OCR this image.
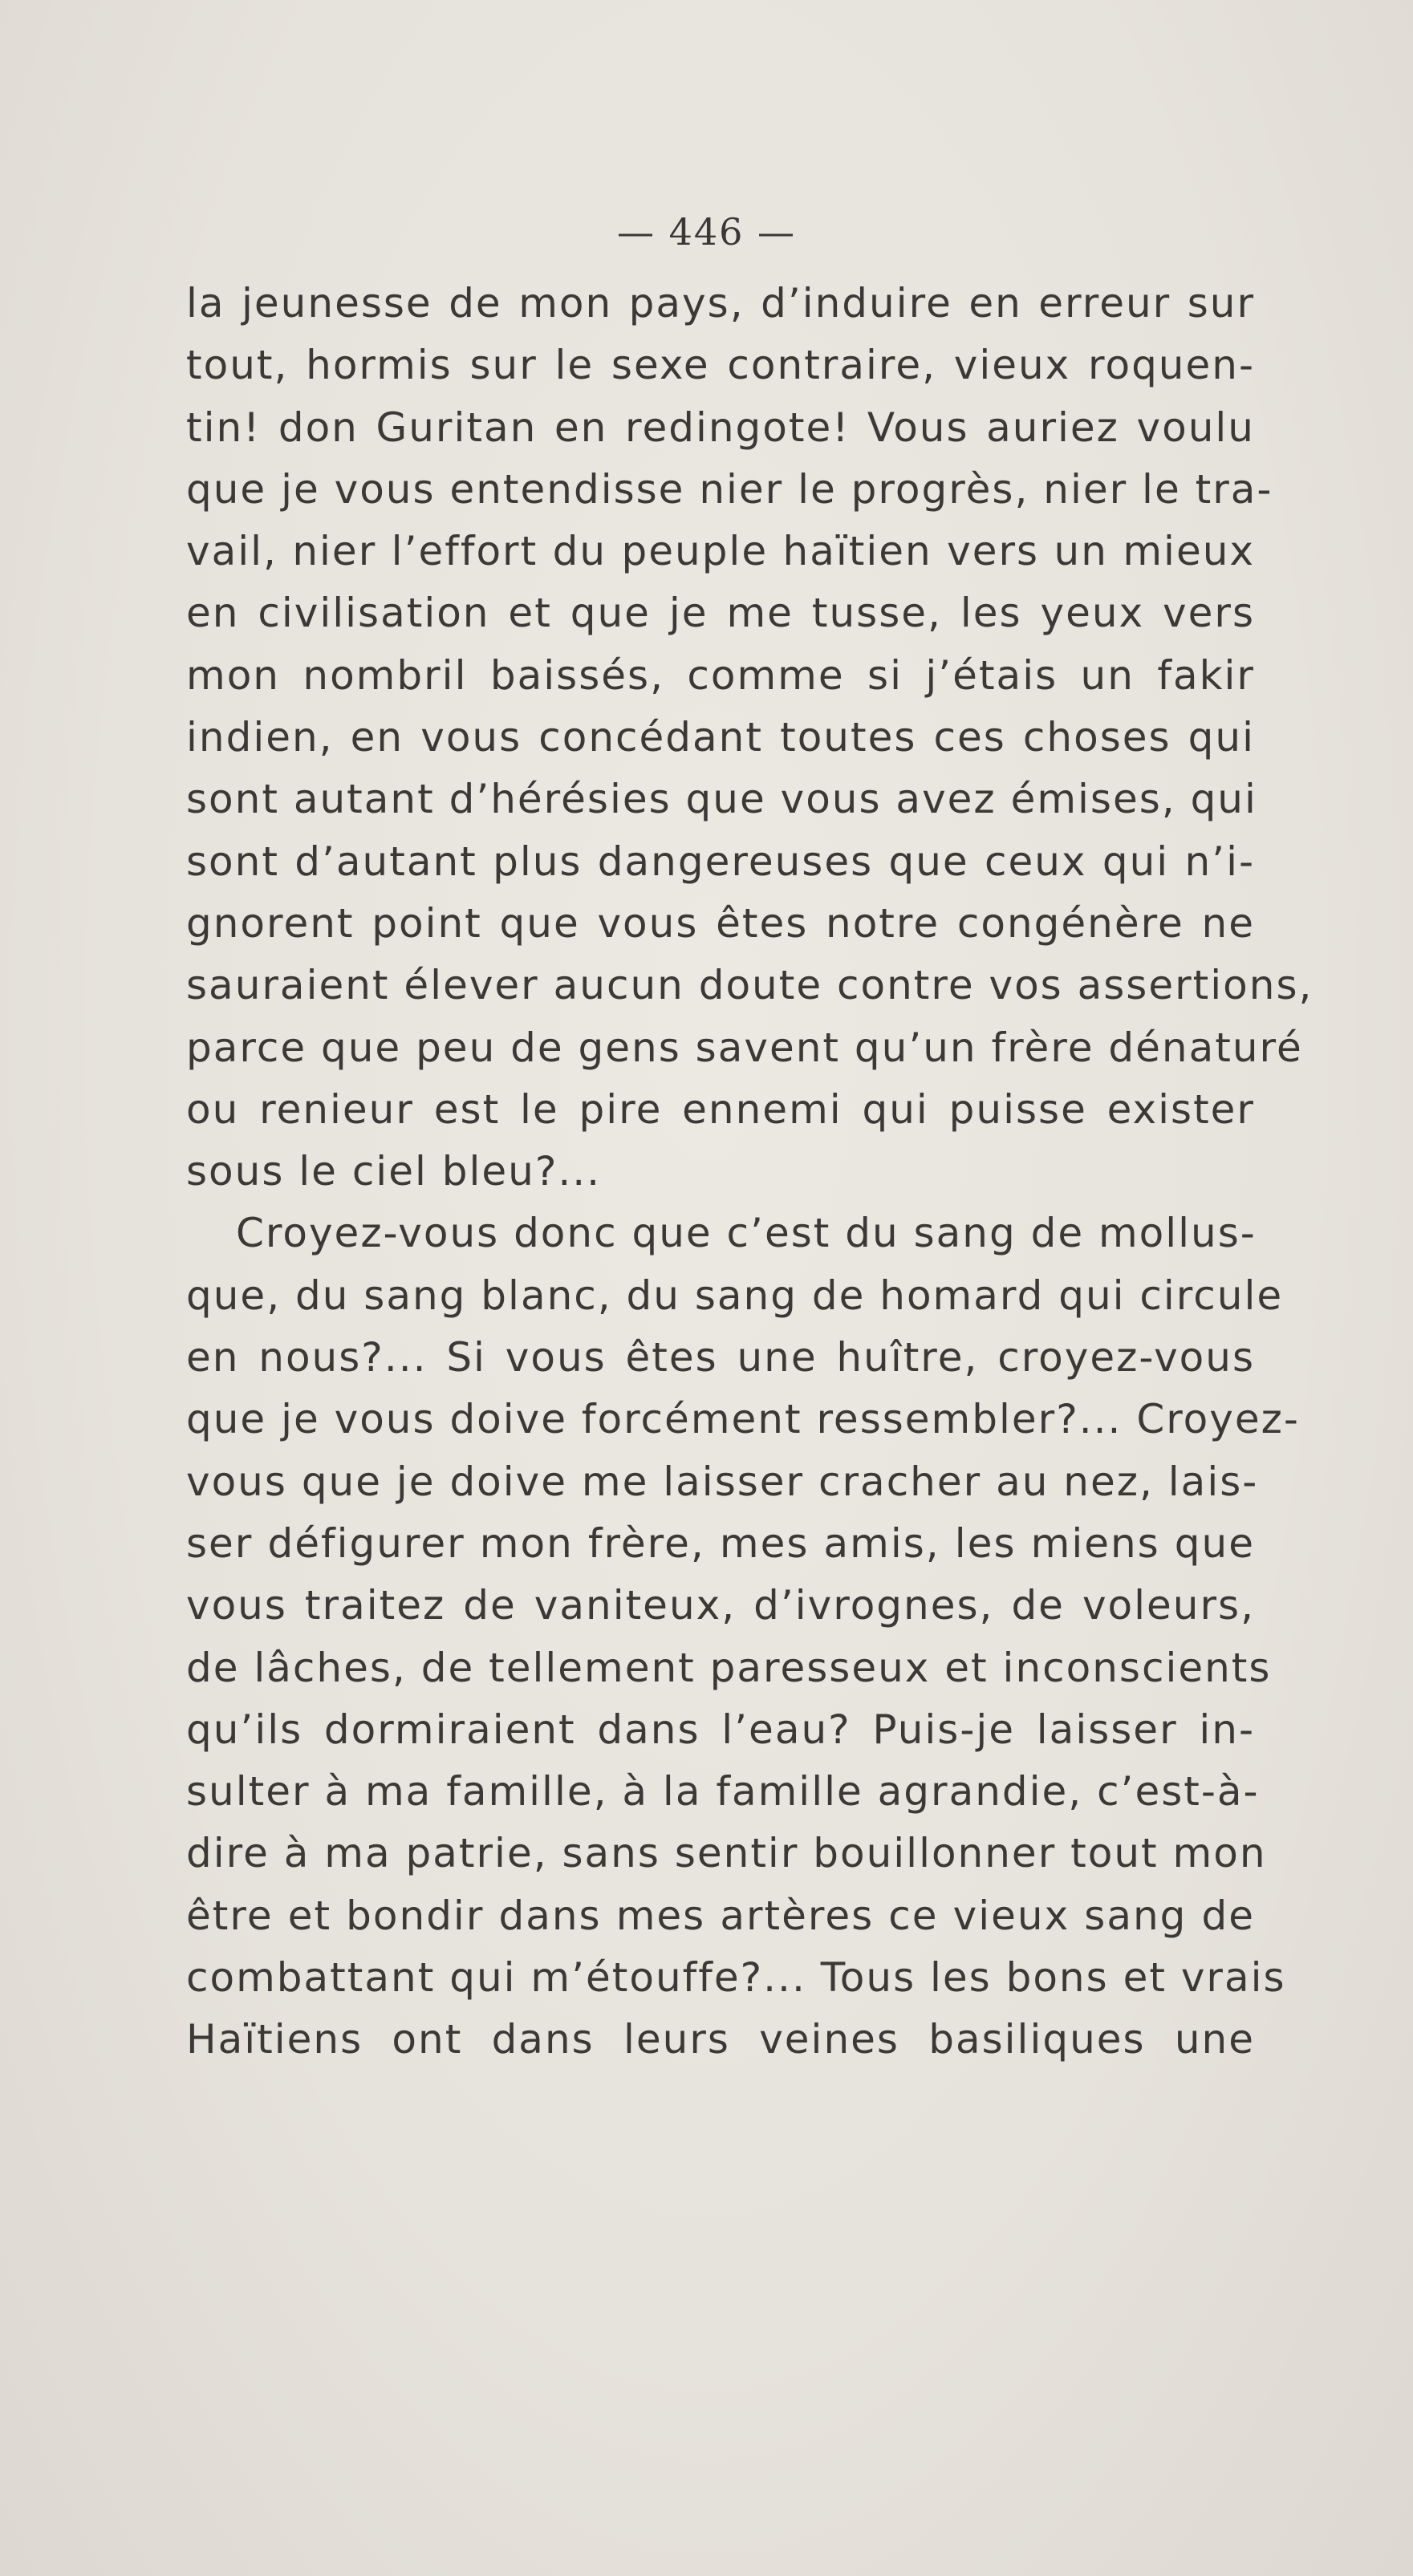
— 446 —
la jeunesse de mon pays, d’induire en erreur sur
tout, hormis sur le sexe contraire, vieux roquen-
tin! don Guritan en redingote! Vous auriez voulu
que je vous entendisse nier le progrès, nier le tra-
vail, nier l’effort du peuple haïtien vers un mieux
en civilisation et que je me tusse, les yeux vers
mon nombril baissés, comme si j’étais un fakir
indien, en vous concédant toutes ces choses qui
sont autant d’hérésies que vous avez émises, qui
sont d’autant plus dangereuses que ceux qui n’i-
gnorent point que vous êtes notre congénère ne
sauraient élever aucun doute contre vos assertions,
parce que peu de gens savent qu’un frère dénaturé
ou renieur est le pire ennemi qui puisse exister
sous le ciel bleu?...
Croyez-vous donc que c’est du sang de mollus-
que, du sang blanc, du sang de homard qui circule
en nous?... Si vous êtes une huître, croyez-vous
que je vous doive forcément ressembler?... Croyez-
vous que je doive me laisser cracher au nez, lais-
ser défigurer mon frère, mes amis, les miens que
vous traitez de vaniteux, d’ivrognes, de voleurs,
de lâches, de tellement paresseux et inconscients
qu’ils dormiraient dans l’eau? Puis-je laisser in-
sulter à ma famille, à la famille agrandie, c’est-à-
dire à ma patrie, sans sentir bouillonner tout mon
être et bondir dans mes artères ce vieux sang de
combattant qui m’étouffe?... Tous les bons et vrais
Haïtiens ont dans leurs veines basiliques une
